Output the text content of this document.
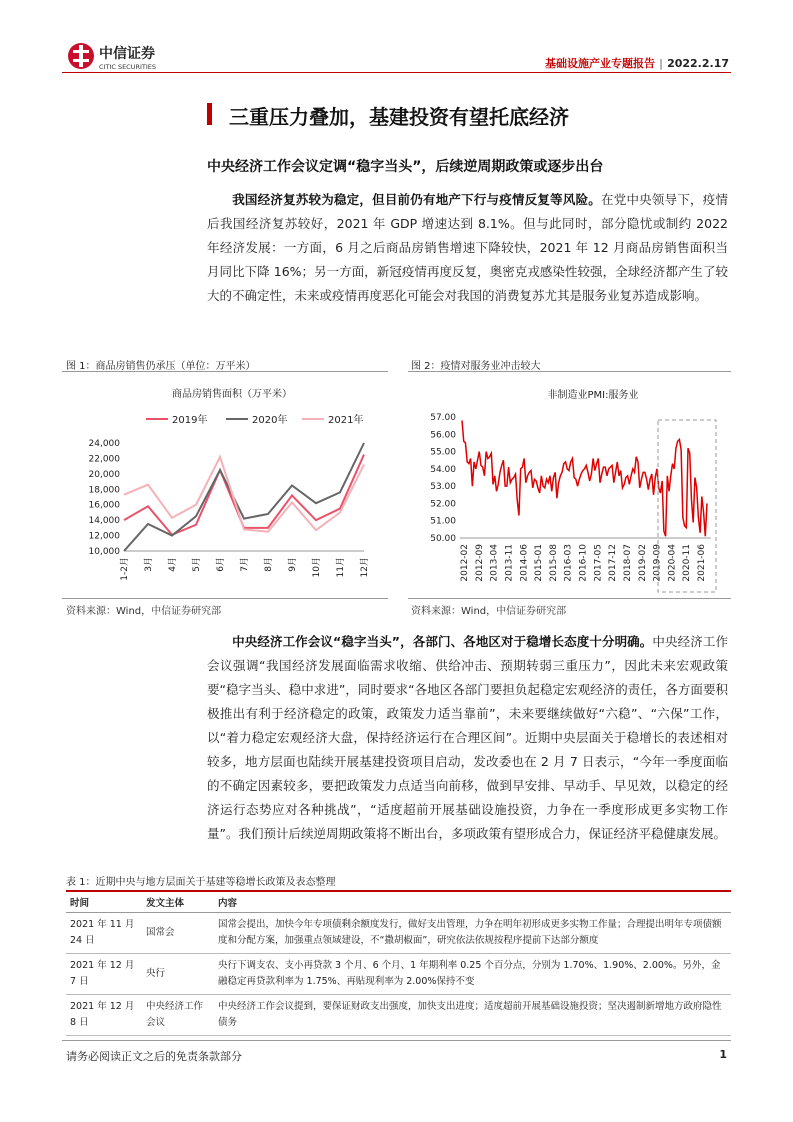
中信证券
CITIC SECURITIES	基础设施产业专题报告 | 2022.2.17
三重压力叠加，基建投资有望托底经济
中央经济工作会议定调“稳字当头”，后续逆周期政策或逐步出台
我国经济复苏较为稳定，但目前仍有地产下行与疫情反复等风险。在党中央领导下，疫情后我国经济复苏较好，2021 年 GDP 增速达到 8.1%。但与此同时，部分隐忧或制约 2022 年经济发展：一方面，6 月之后商品房销售增速下降较快，2021 年 12 月商品房销售面积当月同比下降 16%；另一方面，新冠疫情再度反复，奥密克戎感染性较强，全球经济都产生了较大的不确定性，未来或疫情再度恶化可能会对我国的消费复苏尤其是服务业复苏造成影响。
图 1：商品房销售仍承压（单位：万平米）
商品房销售面积（万平米）
2019年	2020年	2021年
24,000
22,000
20,000
18,000
16,000
14,000
12,000
10,000
1-2月 3月 4月 5月 6月 7月 8月 9月 10月 11月 12月
资料来源：Wind，中信证券研究部
图 2：疫情对服务业冲击较大
非制造业PMI:服务业
57.00
56.00
55.00
54.00
53.00
52.00
51.00
50.00
2012-02 2012-09 2013-04 2013-11 2014-06 2015-01 2015-08 2016-03 2016-10 2017-05 2017-12 2018-07 2019-02 2019-09 2020-04 2020-11 2021-06
资料来源：Wind，中信证券研究部
中央经济工作会议“稳字当头”，各部门、各地区对于稳增长态度十分明确。中央经济工作会议强调“我国经济发展面临需求收缩、供给冲击、预期转弱三重压力”，因此未来宏观政策要“稳字当头、稳中求进”，同时要求“各地区各部门要担负起稳定宏观经济的责任，各方面要积极推出有利于经济稳定的政策，政策发力适当靠前”，未来要继续做好“六稳”、“六保”工作，以“着力稳定宏观经济大盘，保持经济运行在合理区间”。近期中央层面关于稳增长的表述相对较多，地方层面也陆续开展基建投资项目启动，发改委也在 2 月 7 日表示，“今年一季度面临的不确定因素较多，要把政策发力点适当向前移，做到早安排、早动手、早见效，以稳定的经济运行态势应对各种挑战”，“适度超前开展基础设施投资，力争在一季度形成更多实物工作量”。我们预计后续逆周期政策将不断出台，多项政策有望形成合力，保证经济平稳健康发展。
表 1：近期中央与地方层面关于基建等稳增长政策及表态整理
时间	发文主体	内容
2021 年 11 月 24 日	国常会	国常会提出，加快今年专项债剩余额度发行，做好支出管理，力争在明年初形成更多实物工作量；合理提出明年专项债额度和分配方案，加强重点领域建设，不“撒胡椒面”，研究依法依规按程序提前下达部分额度
2021 年 12 月 7 日	央行	央行下调支农、支小再贷款 3 个月、6 个月、1 年期利率 0.25 个百分点，分别为 1.70%、1.90%、2.00%。另外，金融稳定再贷款利率为 1.75%、再贴现利率为 2.00%保持不变
2021 年 12 月 8 日	中央经济工作会议	中央经济工作会议提到，要保证财政支出强度，加快支出进度；适度超前开展基础设施投资；坚决遏制新增地方政府隐性债务
请务必阅读正文之后的免责条款部分	1
